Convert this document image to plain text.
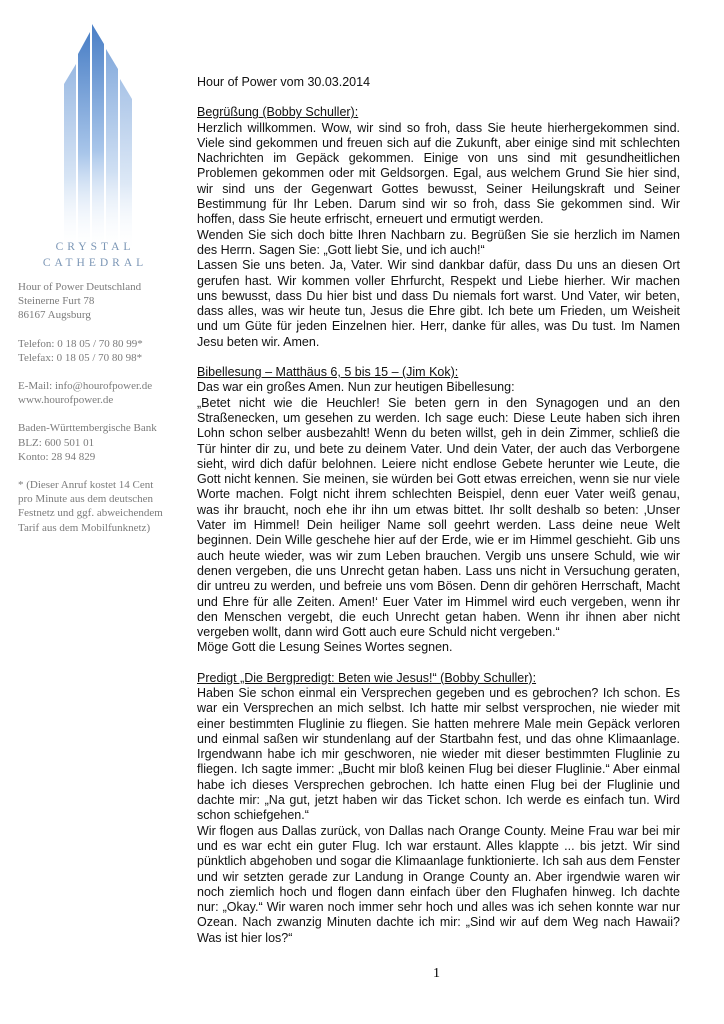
CRYSTAL
CATHEDRAL
Hour of Power Deutschland
Steinerne Furt 78
86167 Augsburg
Telefon: 0 18 05 / 70 80 99*
Telefax: 0 18 05 / 70 80 98*
E-Mail: info@hourofpower.de
www.hourofpower.de
Baden-Württembergische Bank
BLZ: 600 501 01
Konto: 28 94 829
* (Dieser Anruf kostet 14 Cent
pro Minute aus dem deutschen
Festnetz und ggf. abweichendem
Tarif aus dem Mobilfunknetz)
Hour of Power vom 30.03.2014
Begrüßung (Bobby Schuller):

Herzlich willkommen. Wow, wir sind so froh, dass Sie heute hierhergekommen sind. Viele sind gekommen und freuen sich auf die Zukunft, aber einige sind mit schlechten Nachrichten im Gepäck gekommen. Einige von uns sind mit gesundheitlichen Problemen gekommen oder mit Geldsorgen. Egal, aus welchem Grund Sie hier sind, wir sind uns der Gegenwart Gottes bewusst, Seiner Heilungskraft und Seiner Bestimmung für Ihr Leben. Darum sind wir so froh, dass Sie gekommen sind. Wir hoffen, dass Sie heute erfrischt, erneuert und ermutigt werden.

Wenden Sie sich doch bitte Ihren Nachbarn zu. Begrüßen Sie sie herzlich im Namen des Herrn. Sagen Sie: „Gott liebt Sie, und ich auch!“

Lassen Sie uns beten. Ja, Vater. Wir sind dankbar dafür, dass Du uns an diesen Ort gerufen hast. Wir kommen voller Ehrfurcht, Respekt und Liebe hierher. Wir machen uns bewusst, dass Du hier bist und dass Du niemals fort warst. Und Vater, wir beten, dass alles, was wir heute tun, Jesus die Ehre gibt. Ich bete um Frieden, um Weisheit und um Güte für jeden Einzelnen hier. Herr, danke für alles, was Du tust. Im Namen Jesu beten wir. Amen.

Bibellesung – Matthäus 6, 5 bis 15 – (Jim Kok):

Das war ein großes Amen. Nun zur heutigen Bibellesung:

„Betet nicht wie die Heuchler! Sie beten gern in den Synagogen und an den Straßenecken, um gesehen zu werden. Ich sage euch: Diese Leute haben sich ihren Lohn schon selber ausbezahlt! Wenn du beten willst, geh in dein Zimmer, schließ die Tür hinter dir zu, und bete zu deinem Vater. Und dein Vater, der auch das Verborgene sieht, wird dich dafür belohnen. Leiere nicht endlose Gebete herunter wie Leute, die Gott nicht kennen. Sie meinen, sie würden bei Gott etwas erreichen, wenn sie nur viele Worte machen. Folgt nicht ihrem schlechten Beispiel, denn euer Vater weiß genau, was ihr braucht, noch ehe ihr ihn um etwas bittet. Ihr sollt deshalb so beten: ‚Unser Vater im Himmel! Dein heiliger Name soll geehrt werden. Lass deine neue Welt beginnen. Dein Wille geschehe hier auf der Erde, wie er im Himmel geschieht. Gib uns auch heute wieder, was wir zum Leben brauchen. Vergib uns unsere Schuld, wie wir denen vergeben, die uns Unrecht getan haben. Lass uns nicht in Versuchung geraten, dir untreu zu werden, und befreie uns vom Bösen. Denn dir gehören Herrschaft, Macht und Ehre für alle Zeiten. Amen!‘ Euer Vater im Himmel wird euch vergeben, wenn ihr den Menschen vergebt, die euch Unrecht getan haben. Wenn ihr ihnen aber nicht vergeben wollt, dann wird Gott auch eure Schuld nicht vergeben.“

Möge Gott die Lesung Seines Wortes segnen.

Predigt „Die Bergpredigt: Beten wie Jesus!“ (Bobby Schuller):

Haben Sie schon einmal ein Versprechen gegeben und es gebrochen? Ich schon. Es war ein Versprechen an mich selbst. Ich hatte mir selbst versprochen, nie wieder mit einer bestimmten Fluglinie zu fliegen. Sie hatten mehrere Male mein Gepäck verloren und einmal saßen wir stundenlang auf der Startbahn fest, und das ohne Klimaanlage. Irgendwann habe ich mir geschworen, nie wieder mit dieser bestimmten Fluglinie zu fliegen. Ich sagte immer: „Bucht mir bloß keinen Flug bei dieser Fluglinie.“ Aber einmal habe ich dieses Versprechen gebrochen. Ich hatte einen Flug bei der Fluglinie und dachte mir: „Na gut, jetzt haben wir das Ticket schon. Ich werde es einfach tun. Wird schon schiefgehen.“

Wir flogen aus Dallas zurück, von Dallas nach Orange County. Meine Frau war bei mir und es war echt ein guter Flug. Ich war erstaunt. Alles klappte ... bis jetzt. Wir sind pünktlich abgehoben und sogar die Klimaanlage funktionierte. Ich sah aus dem Fenster und wir setzten gerade zur Landung in Orange County an. Aber irgendwie waren wir noch ziemlich hoch und flogen dann einfach über den Flughafen hinweg. Ich dachte nur: „Okay.“ Wir waren noch immer sehr hoch und alles was ich sehen konnte war nur Ozean. Nach zwanzig Minuten dachte ich mir: „Sind wir auf dem Weg nach Hawaii? Was ist hier los?“

1
